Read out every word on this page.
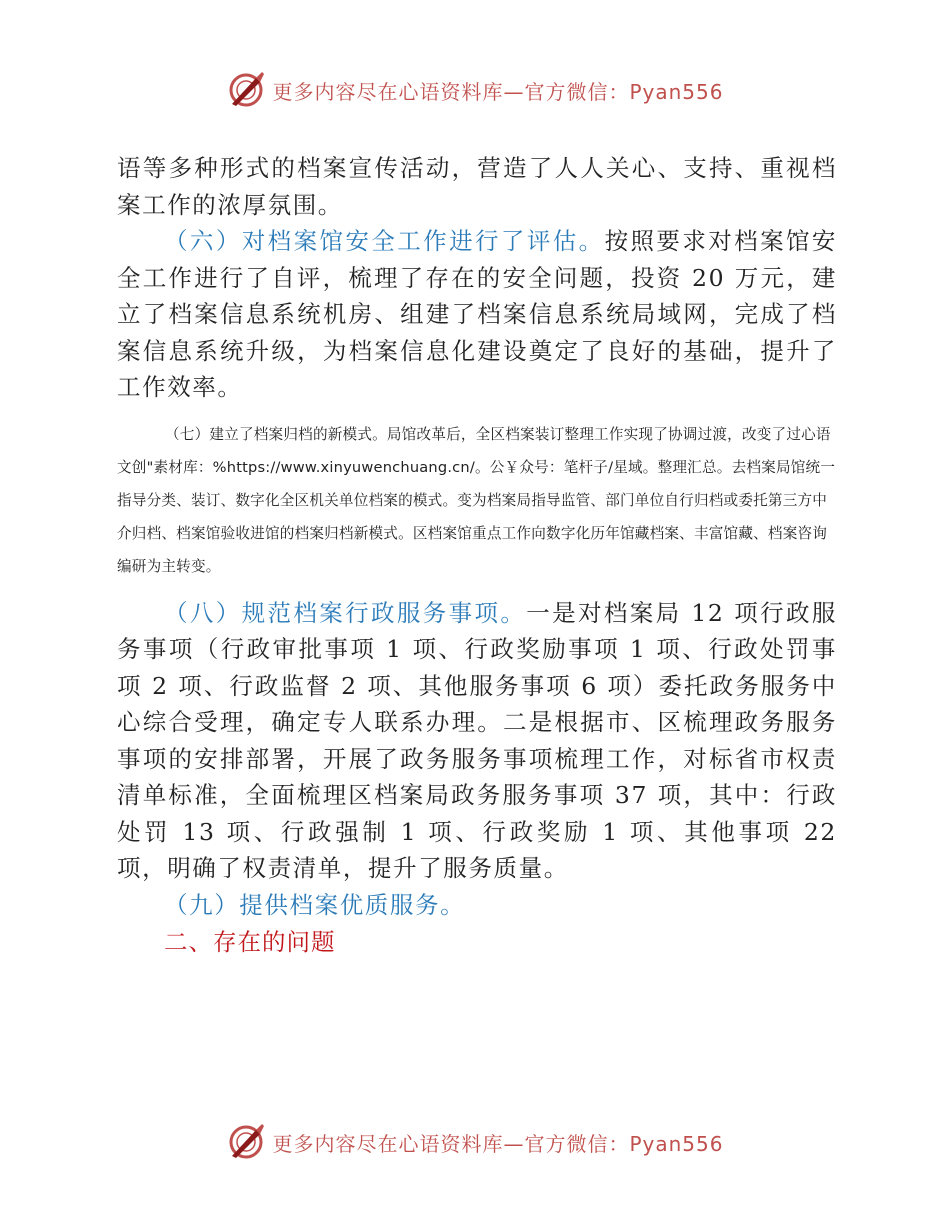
更多内容尽在心语资料库—官方微信：Pyan556

语等多种形式的档案宣传活动，营造了人人关心、支持、重视档案工作的浓厚氛围。

（六）对档案馆安全工作进行了评估。按照要求对档案馆安全工作进行了自评，梳理了存在的安全问题，投资 20 万元，建立了档案信息系统机房、组建了档案信息系统局域网，完成了档案信息系统升级，为档案信息化建设奠定了良好的基础，提升了工作效率。

（七）建立了档案归档的新模式。局馆改革后，全区档案装订整理工作实现了协调过渡，改变了过心语文创"素材库：%https://www.xinyuwenchuang.cn/。公￥众号：笔杆子/星域。整理汇总。去档案局馆统一指导分类、装订、数字化全区机关单位档案的模式。变为档案局指导监管、部门单位自行归档或委托第三方中介归档、档案馆验收进馆的档案归档新模式。区档案馆重点工作向数字化历年馆藏档案、丰富馆藏、档案咨询编研为主转变。

（八）规范档案行政服务事项。一是对档案局 12 项行政服务事项（行政审批事项 1 项、行政奖励事项 1 项、行政处罚事项 2 项、行政监督 2 项、其他服务事项 6 项）委托政务服务中心综合受理，确定专人联系办理。二是根据市、区梳理政务服务事项的安排部署，开展了政务服务事项梳理工作，对标省市权责清单标准，全面梳理区档案局政务服务事项 37 项，其中：行政处罚 13 项、行政强制 1 项、行政奖励 1 项、其他事项 22 项，明确了权责清单，提升了服务质量。

（九）提供档案优质服务。

二、存在的问题

更多内容尽在心语资料库—官方微信：Pyan556
